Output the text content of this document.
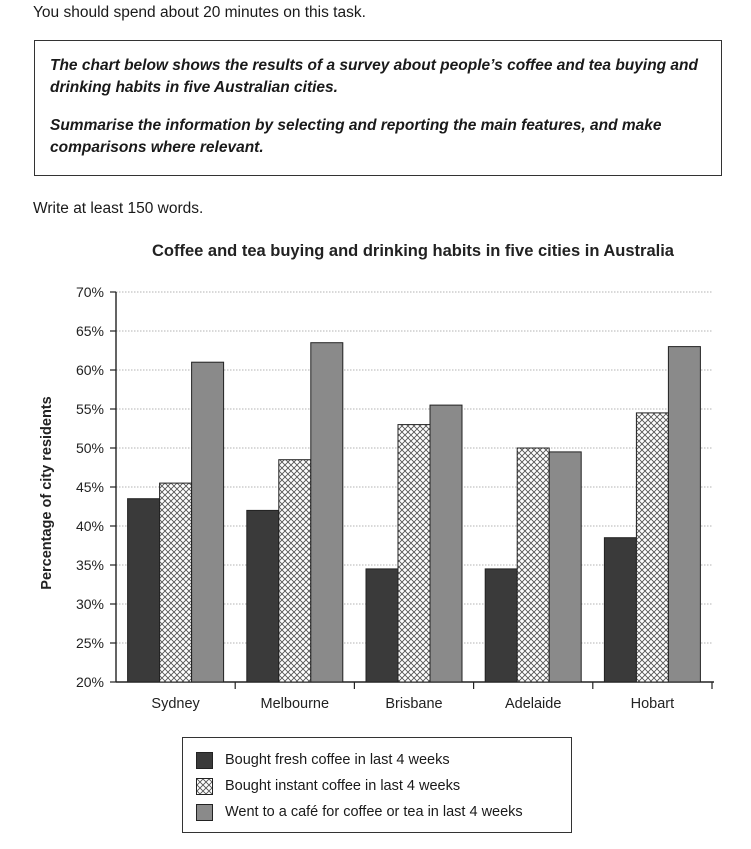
You should spend about 20 minutes on this task.

The chart below shows the results of a survey about people’s coffee and tea buying and drinking habits in five Australian cities.

Summarise the information by selecting and reporting the main features, and make comparisons where relevant.

Write at least 150 words.
Coffee and tea buying and drinking habits in five cities in Australia
20%
25%
30%
35%
40%
45%
50%
55%
60%
65%
70%
Percentage of city residents
Sydney	Melbourne	Brisbane	Adelaide	Hobart
Bought fresh coffee in last 4 weeks
Bought instant coffee in last 4 weeks
Went to a café for coffee or tea in last 4 weeks
